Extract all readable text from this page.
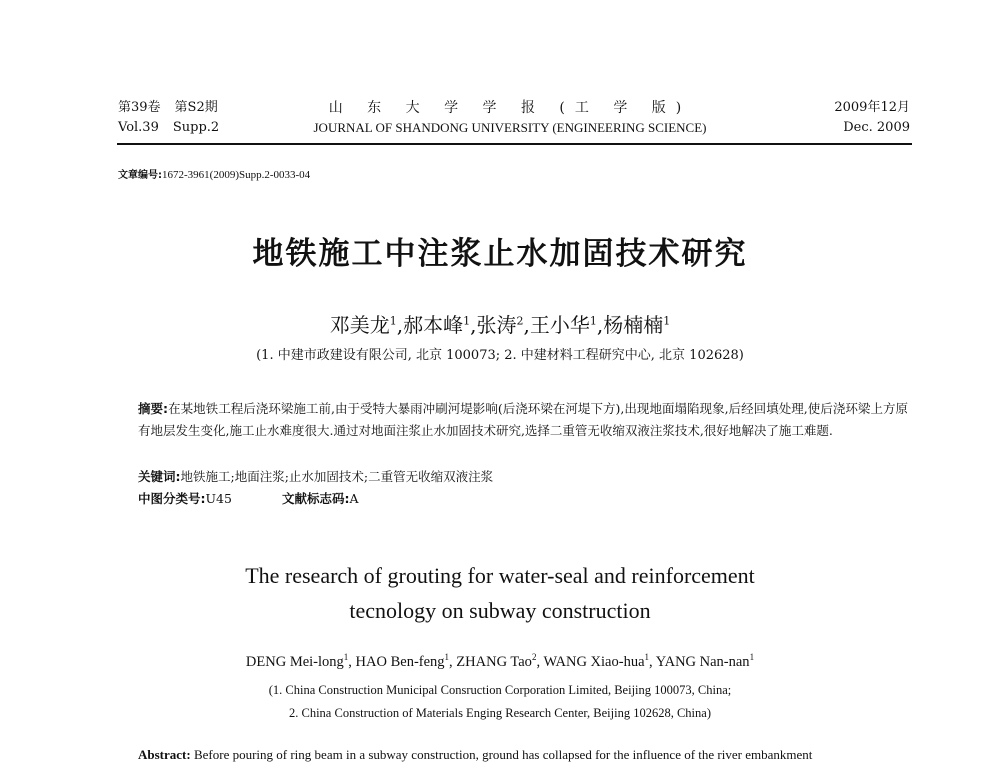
第39卷 第S2期
Vol.39 Supp.2
山 东 大 学 学 报 (工 学 版)
JOURNAL OF SHANDONG UNIVERSITY (ENGINEERING SCIENCE)
2009年12月
Dec. 2009
文章编号:1672-3961(2009)Supp.2-0033-04
地铁施工中注浆止水加固技术研究
邓美龙$^1$,郝本峰$^1$,张涛$^2$,王小华$^1$,杨楠楠$^1$
(1. 中建市政建设有限公司, 北京 100073; 2. 中建材料工程研究中心, 北京 102628)
摘要:在某地铁工程后浇环梁施工前,由于受特大暴雨冲刷河堤影响(后浇环梁在河堤下方),出现地面塌陷现象,后经回填处理,使后浇环梁上方原有地层发生变化,施工止水难度很大.通过对地面注浆止水加固技术研究,选择二重管无收缩双液注浆技术,很好地解决了施工难题.
关键词:地铁施工;地面注浆;止水加固技术;二重管无收缩双液注浆
中图分类号:U45	文献标志码:A
The research of grouting for water-seal and reinforcement
tecnology on subway construction
DENG Mei-long$^1$, HAO Ben-feng$^1$, ZHANG Tao$^2$, WANG Xiao-hua$^1$, YANG Nan-nan$^1$
(1. China Construction Municipal Consruction Corporation Limited, Beijing 100073, China;
2. China Construction of Materials Enging Research Center, Beijing 102628, China)
Abstract: Before pouring of ring beam in a subway construction, ground has collapsed for the influence of the river embankment
